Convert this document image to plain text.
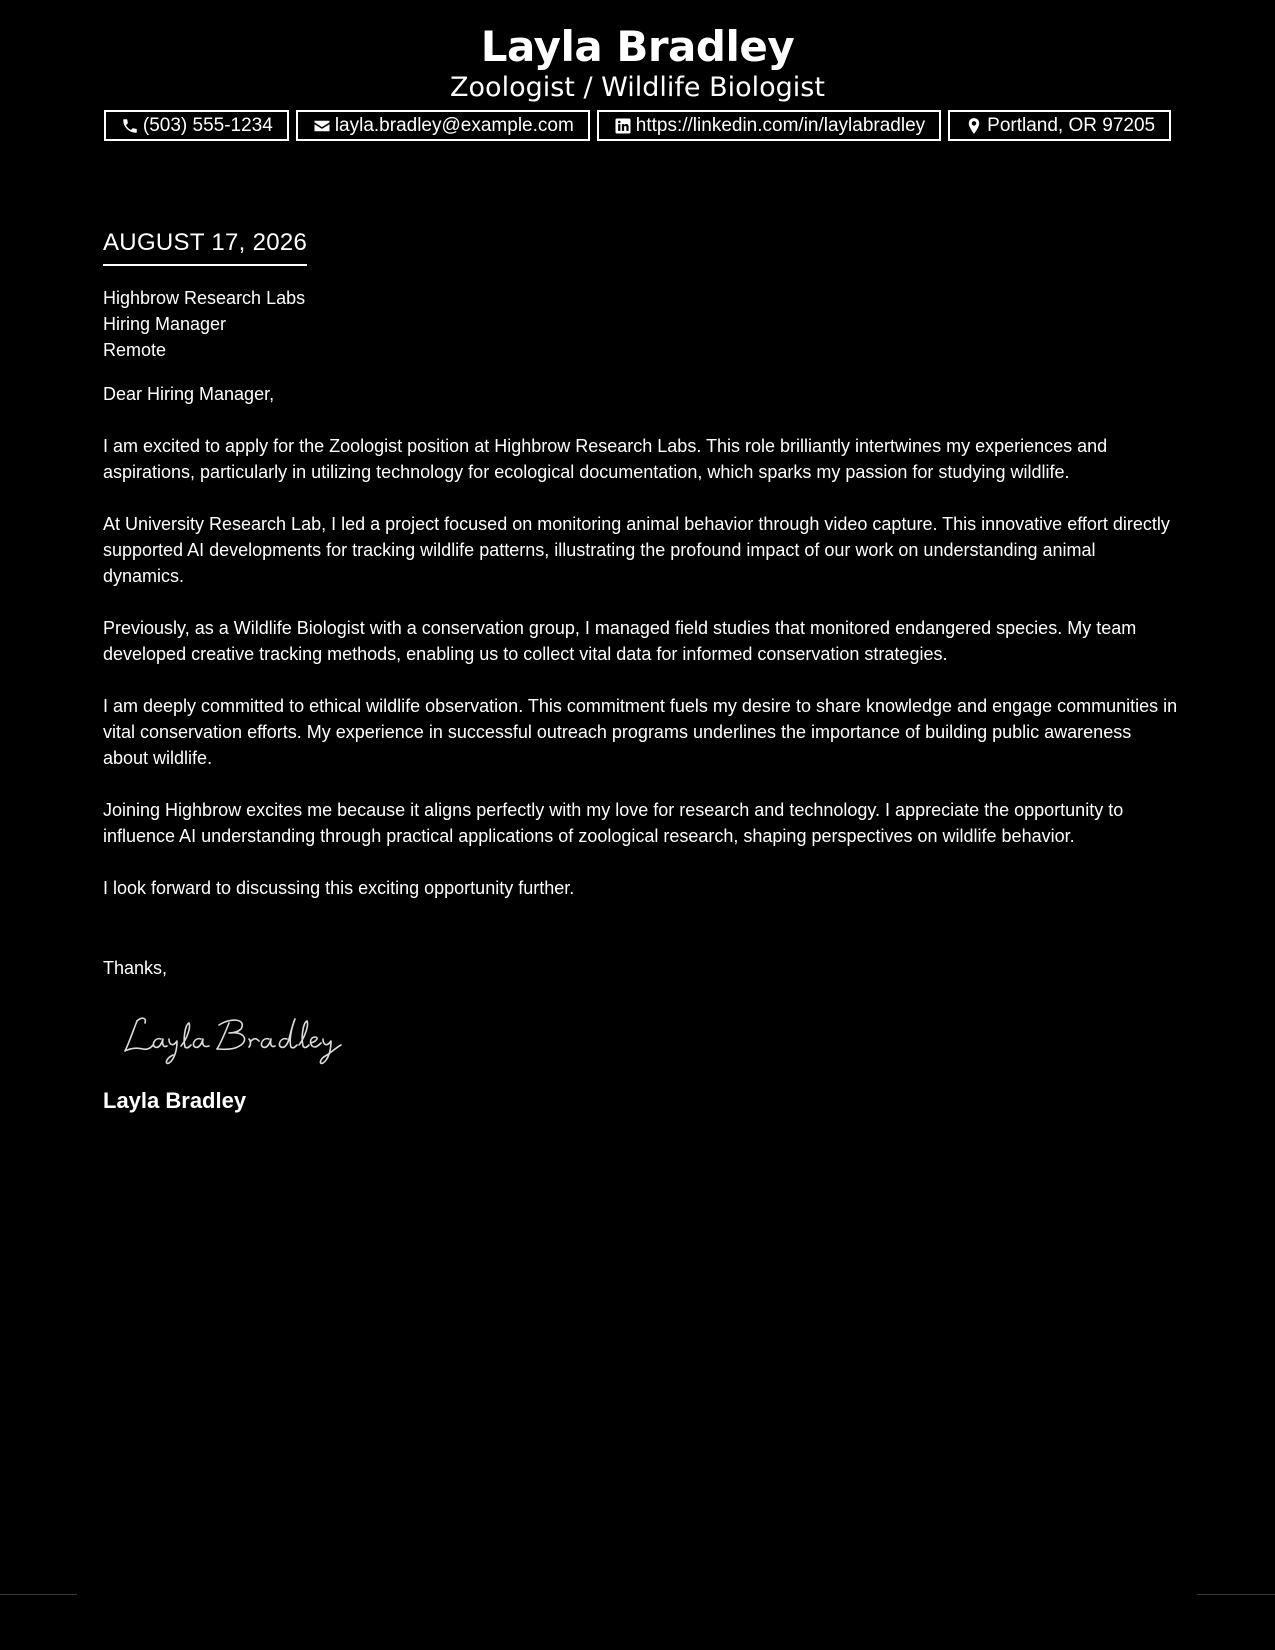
Layla Bradley
Zoologist / Wildlife Biologist
(503) 555-1234	layla.bradley@example.com	https://linkedin.com/in/laylabradley	Portland, OR 97205
AUGUST 17, 2026
Highbrow Research Labs
Hiring Manager
Remote
Dear Hiring Manager,

I am excited to apply for the Zoologist position at Highbrow Research Labs. This role brilliantly intertwines my experiences and aspirations, particularly in utilizing technology for ecological documentation, which sparks my passion for studying wildlife.

At University Research Lab, I led a project focused on monitoring animal behavior through video capture. This innovative effort directly supported AI developments for tracking wildlife patterns, illustrating the profound impact of our work on understanding animal dynamics.

Previously, as a Wildlife Biologist with a conservation group, I managed field studies that monitored endangered species. My team developed creative tracking methods, enabling us to collect vital data for informed conservation strategies.

I am deeply committed to ethical wildlife observation. This commitment fuels my desire to share knowledge and engage communities in vital conservation efforts. My experience in successful outreach programs underlines the importance of building public awareness about wildlife.

Joining Highbrow excites me because it aligns perfectly with my love for research and technology. I appreciate the opportunity to influence AI understanding through practical applications of zoological research, shaping perspectives on wildlife behavior.

I look forward to discussing this exciting opportunity further.

Thanks,
Layla Bradley
